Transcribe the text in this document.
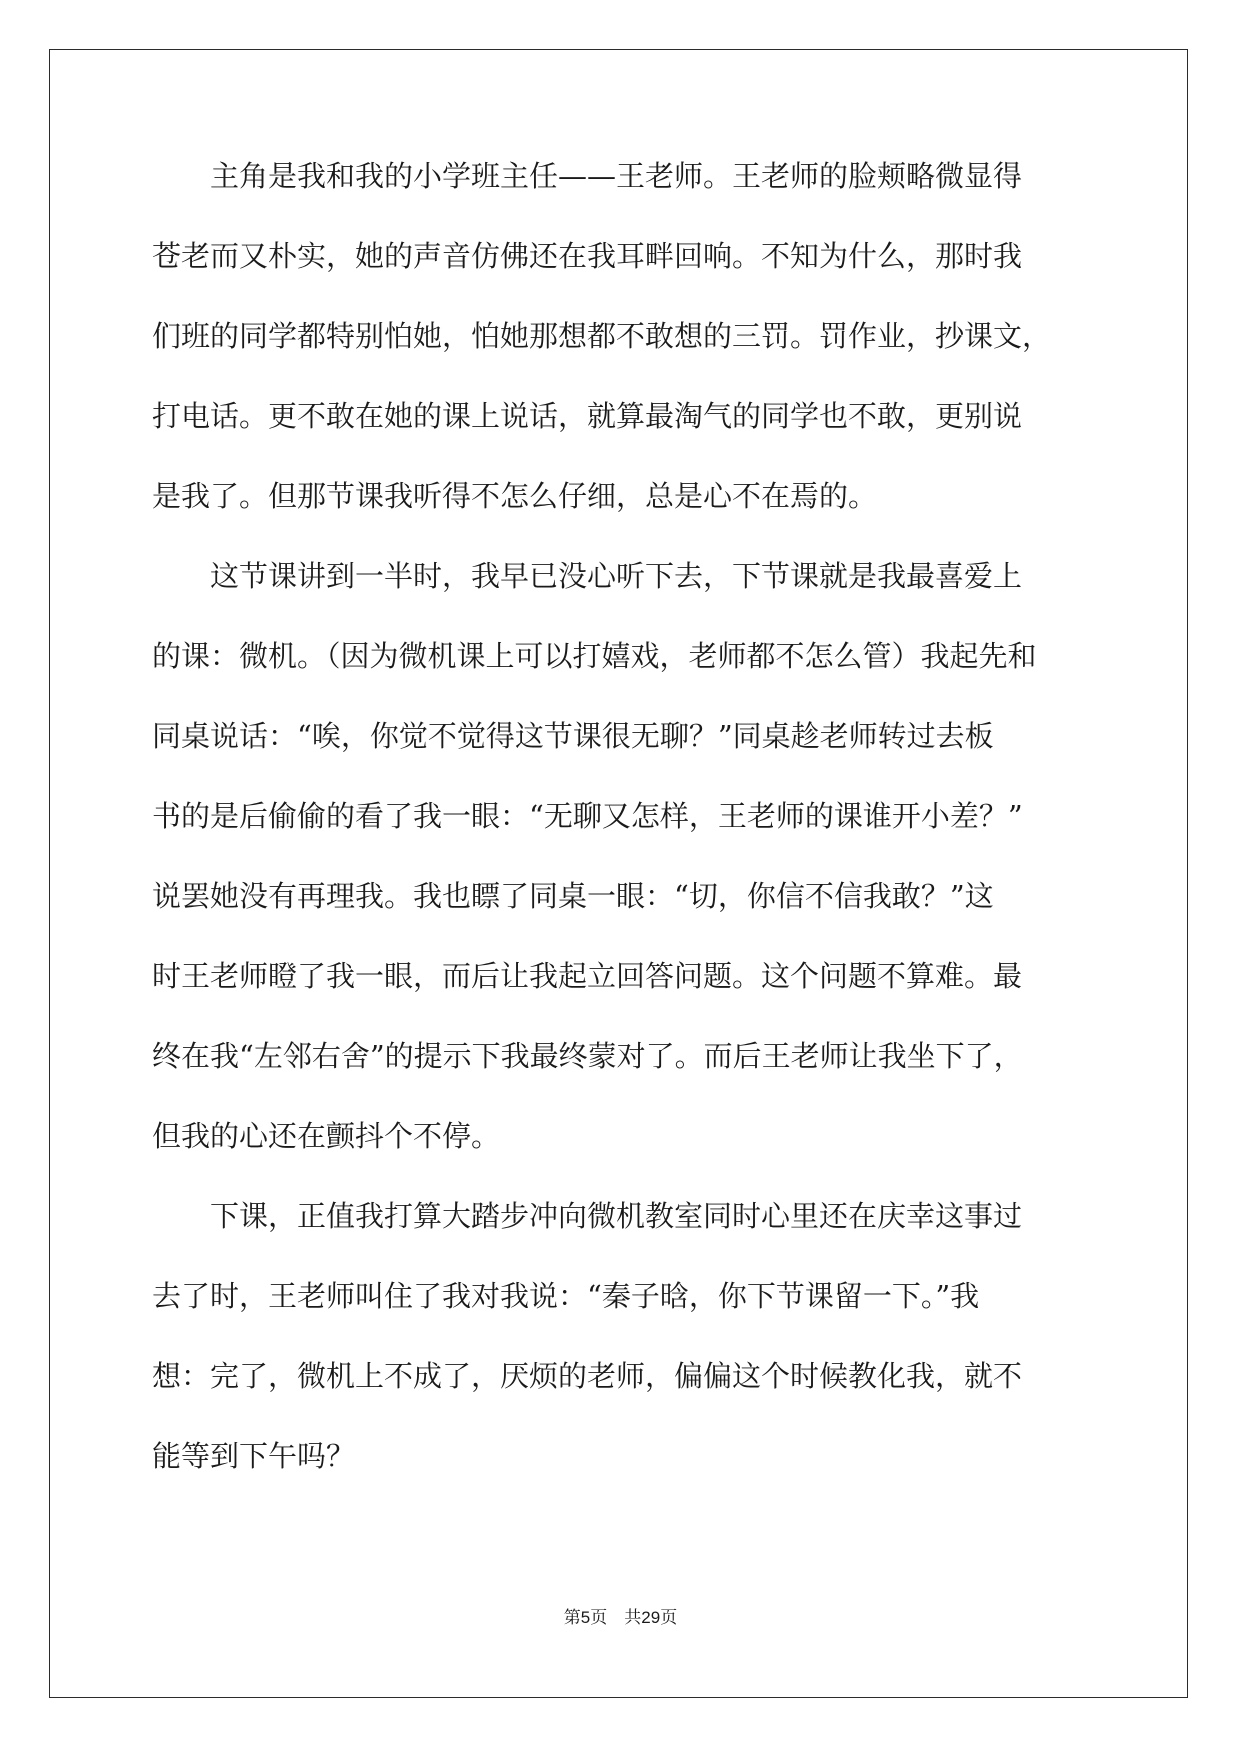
　　主角是我和我的小学班主任——王老师。王老师的脸颊略微显得

苍老而又朴实，她的声音仿佛还在我耳畔回响。不知为什么，那时我

们班的同学都特别怕她，怕她那想都不敢想的三罚。罚作业，抄课文，

打电话。更不敢在她的课上说话，就算最淘气的同学也不敢，更别说

是我了。但那节课我听得不怎么仔细，总是心不在焉的。

　　这节课讲到一半时，我早已没心听下去，下节课就是我最喜爱上

的课：微机。（因为微机课上可以打嬉戏，老师都不怎么管）我起先和

同桌说话：“唉，你觉不觉得这节课很无聊？”同桌趁老师转过去板

书的是后偷偷的看了我一眼：“无聊又怎样，王老师的课谁开小差？”

说罢她没有再理我。我也瞟了同桌一眼：“切，你信不信我敢？”这

时王老师瞪了我一眼，而后让我起立回答问题。这个问题不算难。最

终在我“左邻右舍”的提示下我最终蒙对了。而后王老师让我坐下了，

但我的心还在颤抖个不停。

　　下课，正值我打算大踏步冲向微机教室同时心里还在庆幸这事过

去了时，王老师叫住了我对我说：“秦子晗，你下节课留一下。”我

想：完了，微机上不成了，厌烦的老师，偏偏这个时候教化我，就不

能等到下午吗？

第5页　共29页
